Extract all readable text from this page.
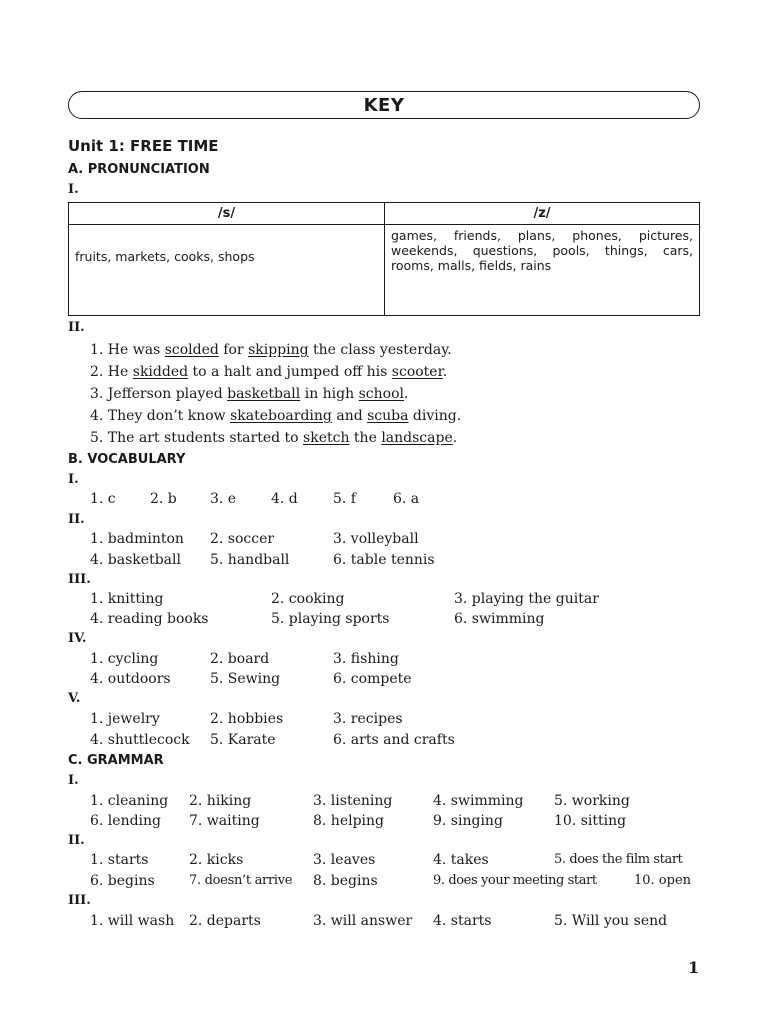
KEY
Unit 1: FREE TIME
A. PRONUNCIATION
I.
/s/	/z/
fruits, markets, cooks, shops	games, friends, plans, phones, pictures, weekends, questions, pools, things, cars, rooms, malls, fields, rains
II.
1. He was scolded for skipping the class yesterday.
2. He skidded to a halt and jumped off his scooter.
3. Jefferson played basketball in high school.
4. They don’t know skateboarding and scuba diving.
5. The art students started to sketch the landscape.
B. VOCABULARY
I.
1. c 2. b 3. e 4. d	5. f	6. a
II.
1. badminton 2. soccer	3. volleyball
4. basketball 5. handball	6. table tennis
III.
1. knitting	2. cooking	3. playing the guitar
4. reading books	5. playing sports	6. swimming
IV.
1. cycling	2. board	3. fishing
4. outdoors	5. Sewing	6. compete
V.
1. jewelry	2. hobbies	3. recipes
4. shuttlecock 5. Karate	6. arts and crafts
C. GRAMMAR
I.
1. cleaning 2. hiking	3. listening	4. swimming 5. working
6. lending 7. waiting	8. helping	9. singing	10. sitting
II.
1. starts	2. kicks	3. leaves	4. takes	5. does the film start
6. begins	7. doesn’t arrive 8. begins	9. does your meeting start	10. open
III.
1. will wash 2. departs	3. will answer 4. starts	5. Will you send
1
